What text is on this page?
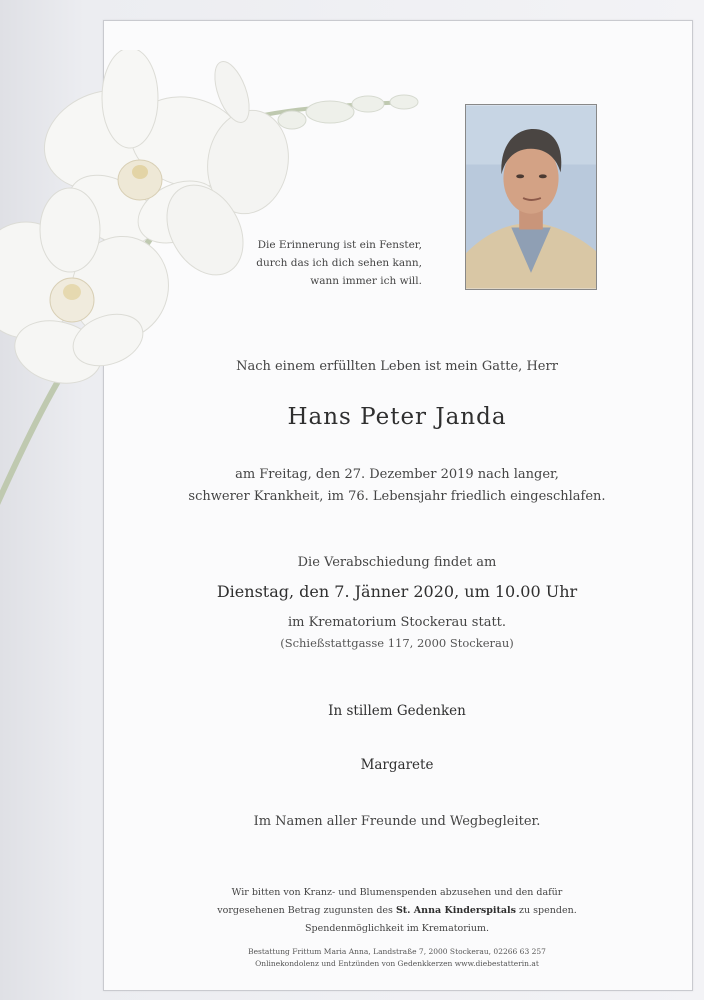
Die Erinnerung ist ein Fenster,
durch das ich dich sehen kann,
wann immer ich will.
Nach einem erfüllten Leben ist mein Gatte, Herr
Hans Peter Janda
am Freitag, den 27. Dezember 2019 nach langer,
schwerer Krankheit, im 76. Lebensjahr friedlich eingeschlafen.
Die Verabschiedung findet am
Dienstag, den 7. Jänner 2020, um 10.00 Uhr
im Krematorium Stockerau statt.
(Schießstattgasse 117, 2000 Stockerau)
In stillem Gedenken
Margarete
Im Namen aller Freunde und Wegbegleiter.
Wir bitten von Kranz- und Blumenspenden abzusehen und den dafür
vorgesehenen Betrag zugunsten des St. Anna Kinderspitals zu spenden.
Spendenmöglichkeit im Krematorium.
Bestattung Frittum Maria Anna, Landstraße 7, 2000 Stockerau, 02266 63 257
Onlinekondolenz und Entzünden von Gedenkkerzen www.diebestatterin.at
